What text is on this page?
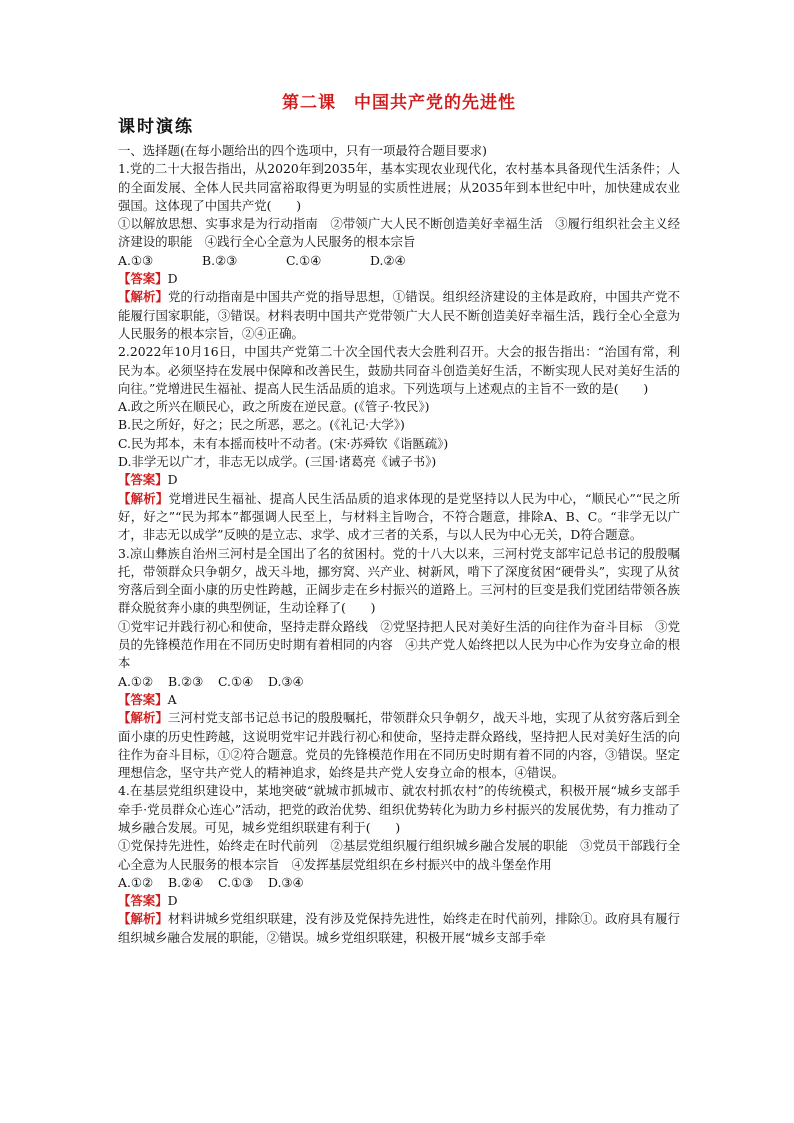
第二课　中国共产党的先进性
课时演练

一、选择题(在每小题给出的四个选项中，只有一项最符合题目要求)

1.党的二十大报告指出，从2020年到2035年，基本实现农业现代化，农村基本具备现代生活条件；人的全面发展、全体人民共同富裕取得更为明显的实质性进展；从2035年到本世纪中叶，加快建成农业强国。这体现了中国共产党(　　)

①以解放思想、实事求是为行动指南　②带领广大人民不断创造美好幸福生活　③履行组织社会主义经济建设的职能　④践行全心全意为人民服务的根本宗旨

A.①③	B.②③	C.①④	D.②④

【答案】D

【解析】党的行动指南是中国共产党的指导思想，①错误。组织经济建设的主体是政府，中国共产党不能履行国家职能，③错误。材料表明中国共产党带领广大人民不断创造美好幸福生活，践行全心全意为人民服务的根本宗旨，②④正确。

2.2022年10月16日，中国共产党第二十次全国代表大会胜利召开。大会的报告指出：“治国有常，利民为本。必须坚持在发展中保障和改善民生，鼓励共同奋斗创造美好生活，不断实现人民对美好生活的向往。”党增进民生福祉、提高人民生活品质的追求。下列选项与上述观点的主旨不一致的是(　　)

A.政之所兴在顺民心，政之所废在逆民意。(《管子·牧民》)

B.民之所好，好之；民之所恶，恶之。(《礼记·大学》)

C.民为邦本，未有本摇而枝叶不动者。(宋·苏舜钦《诣匦疏》)

D.非学无以广才，非志无以成学。(三国·诸葛亮《诫子书》)

【答案】D

【解析】党增进民生福祉、提高人民生活品质的追求体现的是党坚持以人民为中心，“顺民心”“民之所好，好之”“民为邦本”都强调人民至上，与材料主旨吻合，不符合题意，排除A、B、C。“非学无以广才，非志无以成学”反映的是立志、求学、成才三者的关系，与以人民为中心无关，D符合题意。

3.凉山彝族自治州三河村是全国出了名的贫困村。党的十八大以来，三河村党支部牢记总书记的殷殷嘱托，带领群众只争朝夕，战天斗地，挪穷窝、兴产业、树新风，啃下了深度贫困“硬骨头”，实现了从贫穷落后到全面小康的历史性跨越，正阔步走在乡村振兴的道路上。三河村的巨变是我们党团结带领各族群众脱贫奔小康的典型例证，生动诠释了(　　)

①党牢记并践行初心和使命，坚持走群众路线　②党坚持把人民对美好生活的向往作为奋斗目标　③党员的先锋模范作用在不同历史时期有着相同的内容　④共产党人始终把以人民为中心作为安身立命的根本

A.①②	B.②③	C.①④	D.③④

【答案】A

【解析】三河村党支部书记总书记的殷殷嘱托，带领群众只争朝夕，战天斗地，实现了从贫穷落后到全面小康的历史性跨越，这说明党牢记并践行初心和使命，坚持走群众路线，坚持把人民对美好生活的向往作为奋斗目标，①②符合题意。党员的先锋模范作用在不同历史时期有着不同的内容，③错误。坚定理想信念，坚守共产党人的精神追求，始终是共产党人安身立命的根本，④错误。

4.在基层党组织建设中，某地突破“就城市抓城市、就农村抓农村”的传统模式，积极开展“城乡支部手牵手·党员群众心连心”活动，把党的政治优势、组织优势转化为助力乡村振兴的发展优势，有力推动了城乡融合发展。可见，城乡党组织联建有利于(　　)

①党保持先进性，始终走在时代前列　②基层党组织履行组织城乡融合发展的职能　③党员干部践行全心全意为人民服务的根本宗旨　④发挥基层党组织在乡村振兴中的战斗堡垒作用

A.①②	B.②④	C.①③	D.③④

【答案】D

【解析】材料讲城乡党组织联建，没有涉及党保持先进性，始终走在时代前列，排除①。政府具有履行组织城乡融合发展的职能，②错误。城乡党组织联建，积极开展“城乡支部手牵
